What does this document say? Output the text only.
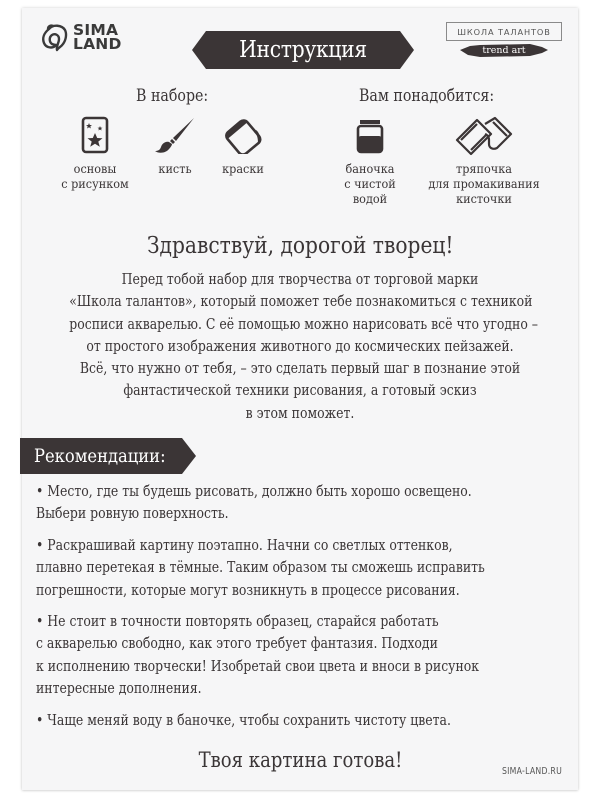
SIMA
LAND	Инструкция
ШКОЛА ТАЛАНТОВ
trend art
В наборе:	Вам понадобится:
основы
с рисунком
кисть	краски	баночка
с чистой
водой
тряпочка
для промакивания
кисточки
Здравствуй, дорогой творец!
Перед тобой набор для творчества от торговой марки
«Школа талантов», который поможет тебе познакомиться с техникой
росписи акварелью. С её помощью можно нарисовать всё что угодно –
от простого изображения животного до космических пейзажей.
Всё, что нужно от тебя, – это сделать первый шаг в познание этой
фантастической техники рисования, а готовый эскиз
в этом поможет.
Рекомендации:
• Место, где ты будешь рисовать, должно быть хорошо освещено.
Выбери ровную поверхность.
• Раскрашивай картину поэтапно. Начни со светлых оттенков,
плавно перетекая в тёмные. Таким образом ты сможешь исправить
погрешности, которые могут возникнуть в процессе рисования.
• Не стоит в точности повторять образец, старайся работать
с акварелью свободно, как этого требует фантазия. Подходи
к исполнению творчески! Изобретай свои цвета и вноси в рисунок
интересные дополнения.
• Чаще меняй воду в баночке, чтобы сохранить чистоту цвета.
Твоя картина готова!	SIMA-LAND.RU
